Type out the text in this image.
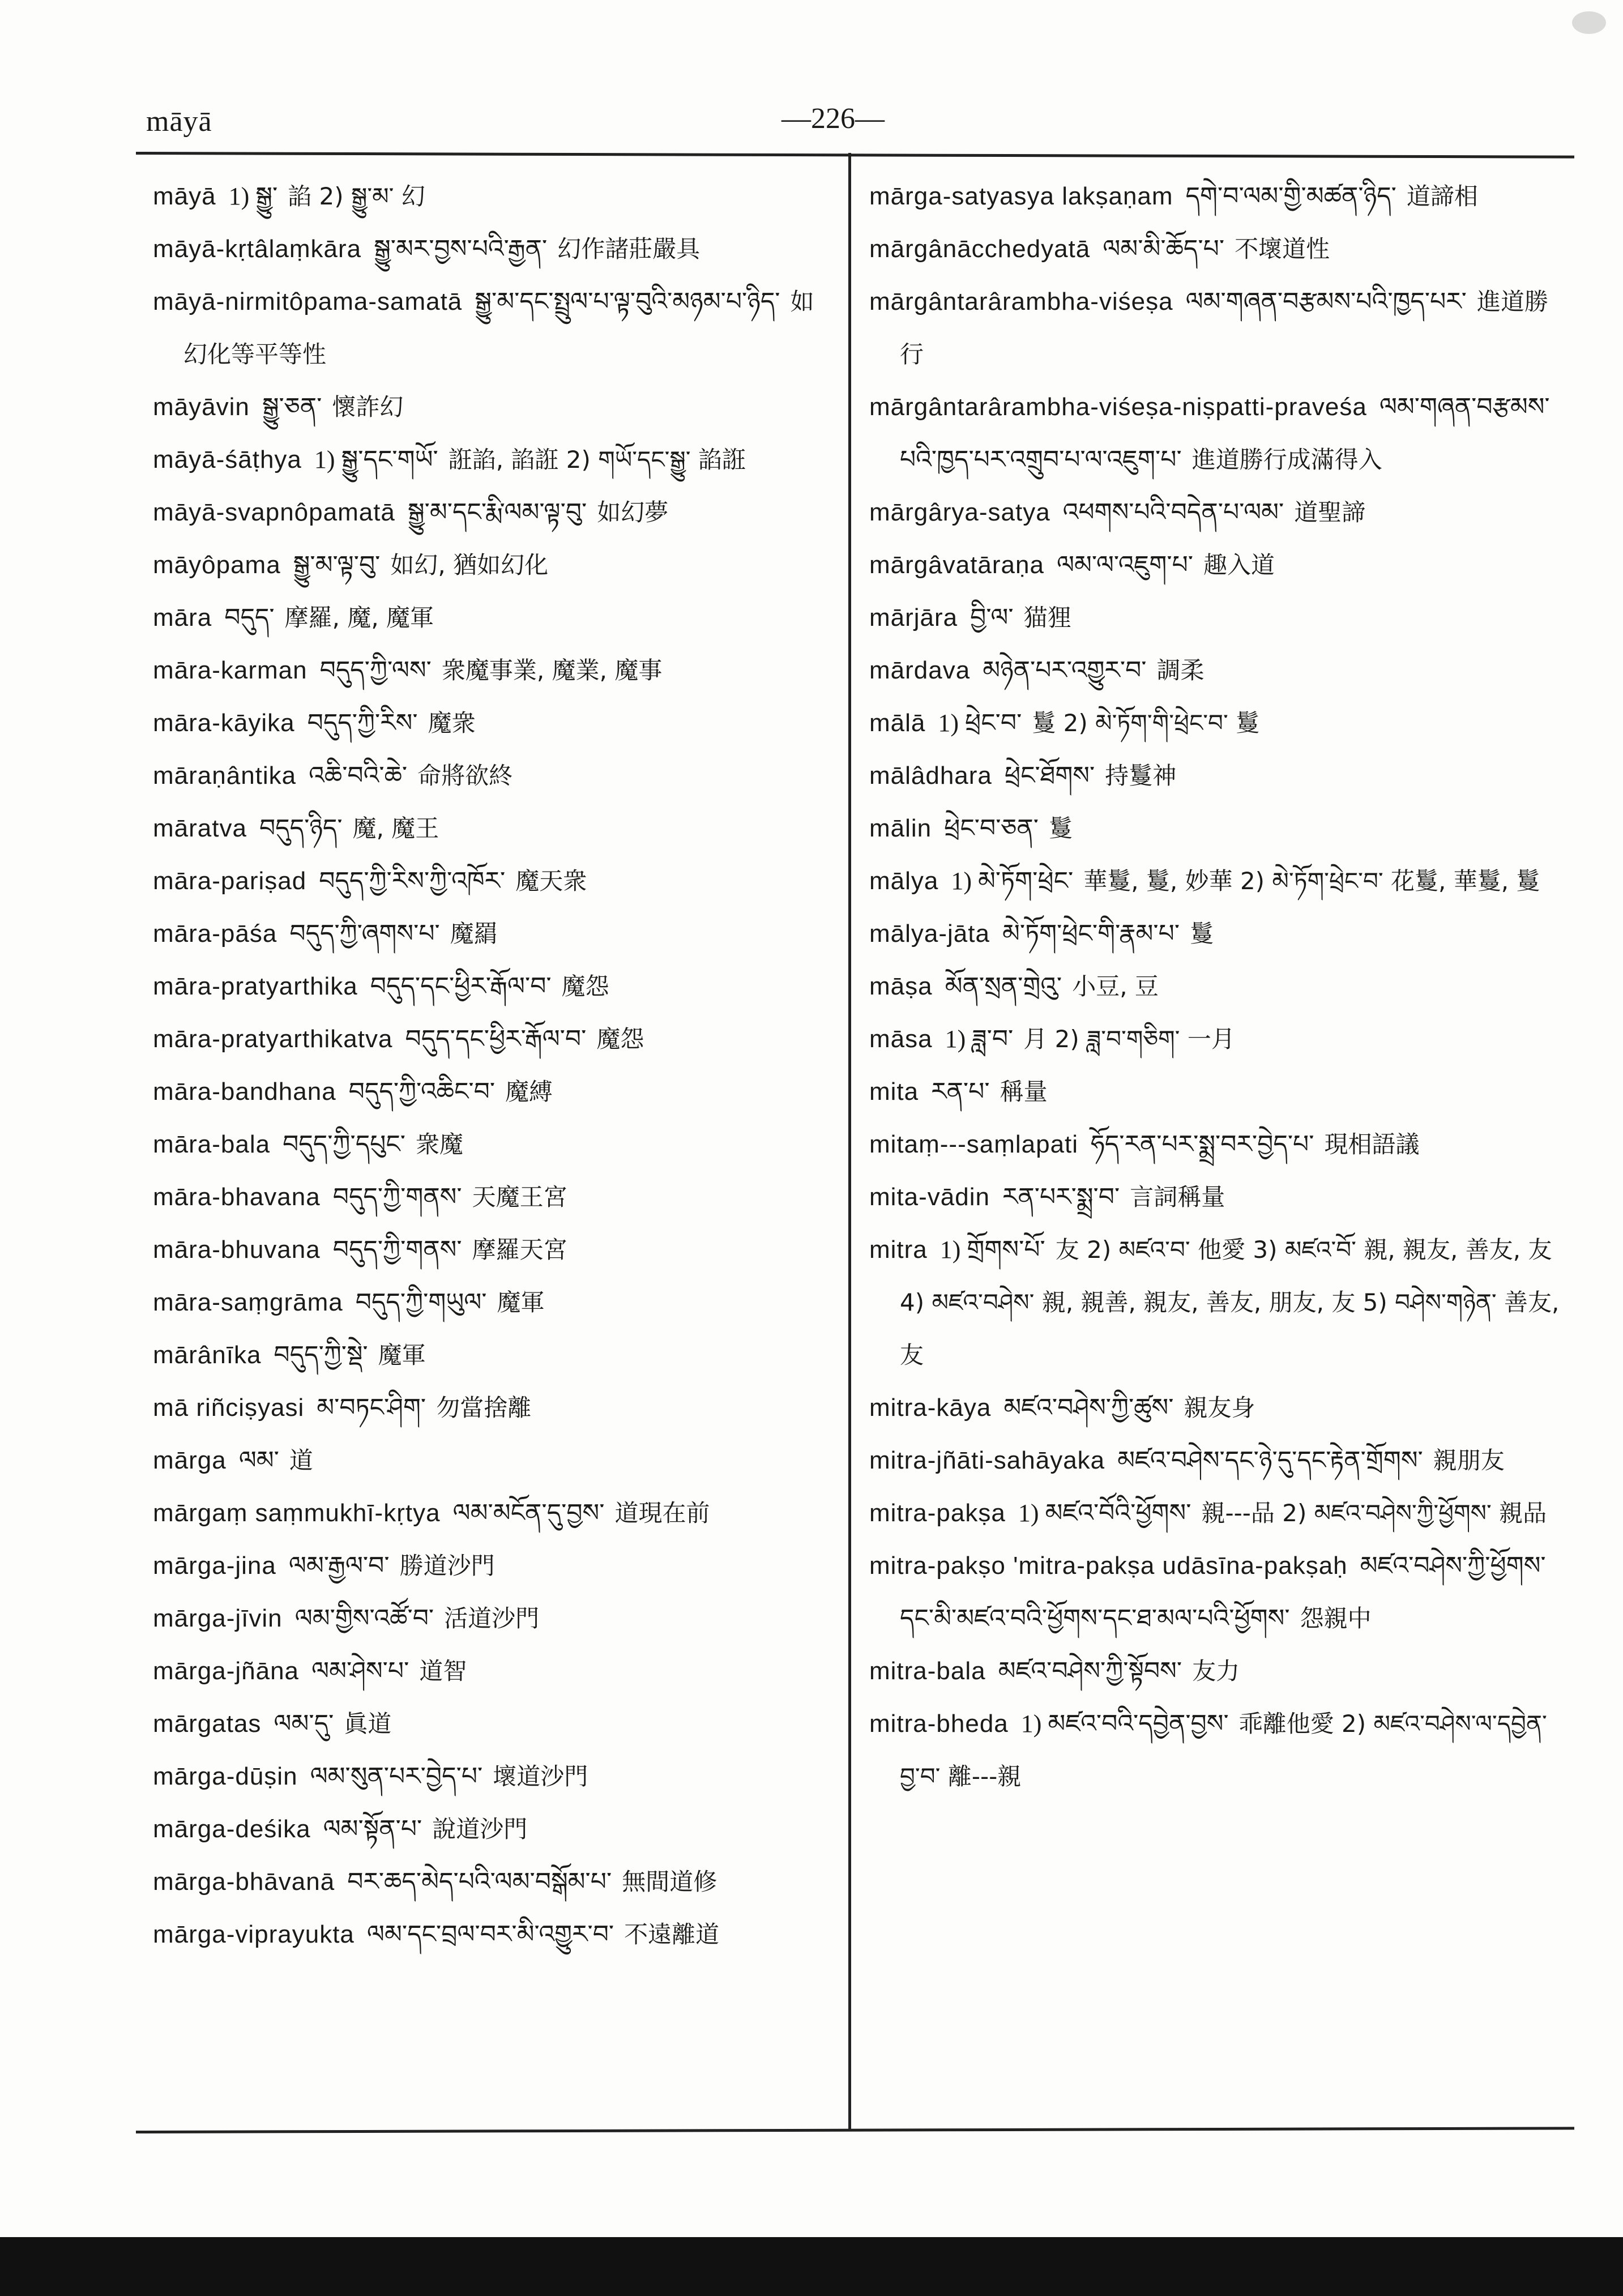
māyā	—226—
māyā 1) སྒྱུ་ 諂 2) སྒྱུ་མ་ 幻
māyā-kṛtâlaṃkāra སྒྱུ་མར་བྱས་པའི་རྒྱན་ 幻作諸莊嚴具
māyā-nirmitôpama-samatā སྒྱུ་མ་དང་སྤྲུལ་པ་ལྟ་བུའི་མཉམ་པ་ཉིད་ 如幻化等平等性
māyāvin སྒྱུ་ཅན་ 懷詐幻
māyā-śāṭhya 1) སྒྱུ་དང་གཡོ་ 誑諂, 諂誑 2) གཡོ་དང་སྒྱུ་ 諂誑
māyā-svapnôpamatā སྒྱུ་མ་དང་རྨི་ལམ་ལྟ་བུ་ 如幻夢
māyôpama སྒྱུ་མ་ལྟ་བུ་ 如幻, 猶如幻化
māra བདུད་ 摩羅, 魔, 魔軍
māra-karman བདུད་ཀྱི་ལས་ 衆魔事業, 魔業, 魔事
māra-kāyika བདུད་ཀྱི་རིས་ 魔衆
mārаṇântika འཆི་བའི་ཆེ་ 命將欲終
māratva བདུད་ཉིད་ 魔, 魔王
māra-pariṣad བདུད་ཀྱི་རིས་ཀྱི་འཁོར་ 魔天衆
māra-pāśa བདུད་ཀྱི་ཞགས་པ་ 魔羂
māra-pratyarthika བདུད་དང་ཕྱིར་རྒོལ་བ་ 魔怨
māra-pratyarthikatva བདུད་དང་ཕྱིར་རྒོལ་བ་ 魔怨
māra-bandhana བདུད་ཀྱི་འཆིང་བ་ 魔縛
māra-bala བདུད་ཀྱི་དཔུང་ 衆魔
māra-bhavana བདུད་ཀྱི་གནས་ 天魔王宮
māra-bhuvana བདུད་ཀྱི་གནས་ 摩羅天宮
māra-saṃgrāma བདུད་ཀྱི་གཡུལ་ 魔軍
mārânīka བདུད་ཀྱི་སྡེ་ 魔軍
mā riñciṣyasi མ་བཏང་ཤིག་ 勿當捨離
mārga ལམ་ 道
mārgaṃ saṃmukhī-kṛtya ལམ་མངོན་དུ་བྱས་ 道現在前
mārga-jina ལམ་རྒྱལ་བ་ 勝道沙門
mārga-jīvin ལམ་གྱིས་འཚོ་བ་ 活道沙門
mārga-jñāna ལམ་ཤེས་པ་ 道智
mārgatas ལམ་དུ་ 眞道
mārga-dūṣin ལམ་སུན་པར་བྱེད་པ་ 壞道沙門
mārga-deśika ལམ་སྟོན་པ་ 說道沙門
mārga-bhāvanā བར་ཆད་མེད་པའི་ལམ་བསྒོམ་པ་ 無間道修
mārga-viprayukta ལམ་དང་བྲལ་བར་མི་འགྱུར་བ་ 不遠離道
mārga-satyasya lakṣaṇam དགེ་བ་ལམ་གྱི་མཚན་ཉིད་ 道諦相
mārgânācchedyatā ལམ་མི་ཆོད་པ་ 不壞道性
mārgântarârambha-viśeṣa ལམ་གཞན་བརྩམས་པའི་ཁྱད་པར་ 進道勝行
mārgântarârambha-viśeṣa-niṣpatti-praveśa ལམ་གཞན་བརྩམས་པའི་ཁྱད་པར་འགྲུབ་པ་ལ་འཇུག་པ་ 進道勝行成滿得入
mārgârya-satya འཕགས་པའི་བདེན་པ་ལམ་ 道聖諦
mārgâvatāraṇa ལམ་ལ་འཇུག་པ་ 趣入道
mārjāra བྱི་ལ་ 猫狸
mārdava མཉེན་པར་འགྱུར་བ་ 調柔
mālā 1) ཕྲེང་བ་ 鬘 2) མེ་ཏོག་གི་ཕྲེང་བ་ 鬘
mālâdhara ཕྲེང་ཐོགས་ 持鬘神
mālin ཕྲེང་བ་ཅན་ 鬘
mālya 1) མེ་ཏོག་ཕྲེང་ 華鬘, 鬘, 妙華 2) མེ་ཏོག་ཕྲེང་བ་ 花鬘, 華鬘, 鬘
mālya-jāta མེ་ཏོག་ཕྲེང་གི་རྣམ་པ་ 鬘
māṣa མོན་སྲན་གྲེའུ་ 小豆, 豆
māsa 1) ཟླ་བ་ 月 2) ཟླ་བ་གཅིག་ 一月
mita རན་པ་ 稱量
mitaṃ---saṃlapati ཧོད་རན་པར་སྨྲ་བར་བྱེད་པ་ 現相語議
mita-vādin རན་པར་སྨྲ་བ་ 言詞稱量
mitra 1) གྲོགས་པོ་ 友 2) མཛའ་བ་ 他愛 3) མཛའ་བོ་ 親, 親友, 善友, 友 4) མཛའ་བཤེས་ 親, 親善, 親友, 善友, 朋友, 友 5) བཤེས་གཉེན་ 善友, 友
mitra-kāya མཛའ་བཤེས་ཀྱི་ཚུས་ 親友身
mitra-jñāti-sahāyaka མཛའ་བཤེས་དང་ཉེ་དུ་དང་རྟེན་གྲོགས་ 親朋友
mitra-pakṣa 1) མཛའ་བོའི་ཕྱོགས་ 親---品 2) མཛའ་བཤེས་ཀྱི་ཕྱོགས་ 親品
mitra-pakṣo 'mitra-pakṣa udāsīna-pakṣaḥ མཛའ་བཤེས་ཀྱི་ཕྱོགས་དང་མི་མཛའ་བའི་ཕྱོགས་དང་ཐ་མལ་པའི་ཕྱོགས་ 怨親中
mitra-bala མཛའ་བཤེས་ཀྱི་སྟོབས་ 友力
mitra-bheda 1) མཛའ་བའི་དབྱེན་བྱས་ 乖離他愛 2) མཛའ་བཤེས་ལ་དབྱེན་བྱ་བ་ 離---親
